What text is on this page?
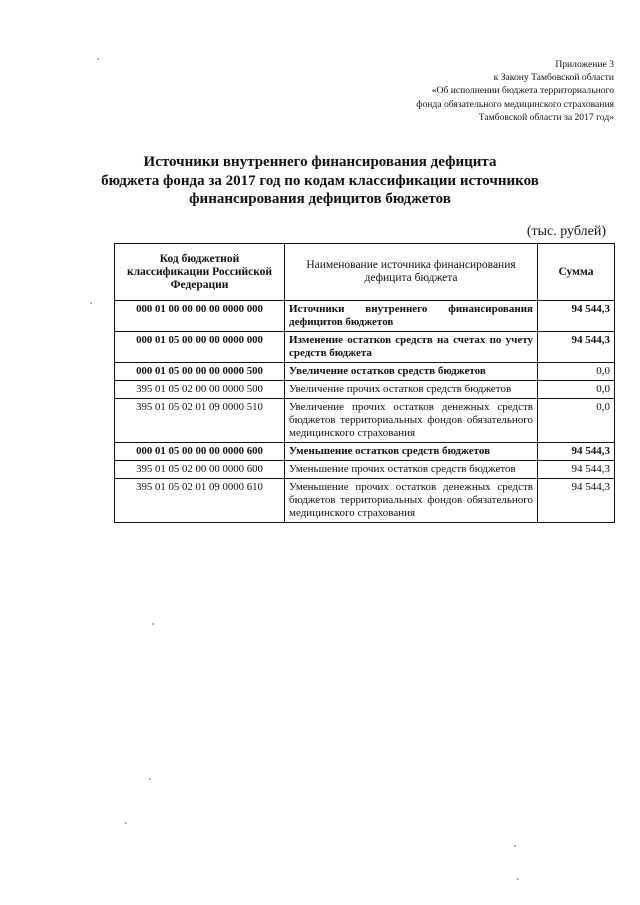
Приложение 3
к Закону Тамбовской области
«Об исполнении бюджета территориального
фонда обязательного медицинского страхования
Тамбовской области за 2017 год»
Источники внутреннего финансирования дефицита
бюджета фонда за 2017 год по кодам классификации источников
финансирования дефицитов бюджетов
(тыс. рублей)
Код бюджетной классификации Российской Федерации	Наименование источника финансирования дефицита бюджета	Сумма
000 01 00 00 00 00 0000 000	Источники внутреннего финансирования дефицитов бюджетов	94 544,3
000 01 05 00 00 00 0000 000	Изменение остатков средств на счетах по учету средств бюджета	94 544,3
000 01 05 00 00 00 0000 500	Увеличение остатков средств бюджетов	0,0
395 01 05 02 00 00 0000 500	Увеличение прочих остатков средств бюджетов	0,0
395 01 05 02 01 09 0000 510	Увеличение прочих остатков денежных средств бюджетов территориальных фондов обязательного медицинского страхования	0,0
000 01 05 00 00 00 0000 600	Уменьшение остатков средств бюджетов	94 544,3
395 01 05 02 00 00 0000 600	Уменьшение прочих остатков средств бюджетов	94 544,3
395 01 05 02 01 09 0000 610	Уменьшение прочих остатков денежных средств бюджетов территориальных фондов обязательного медицинского страхования	94 544,3
